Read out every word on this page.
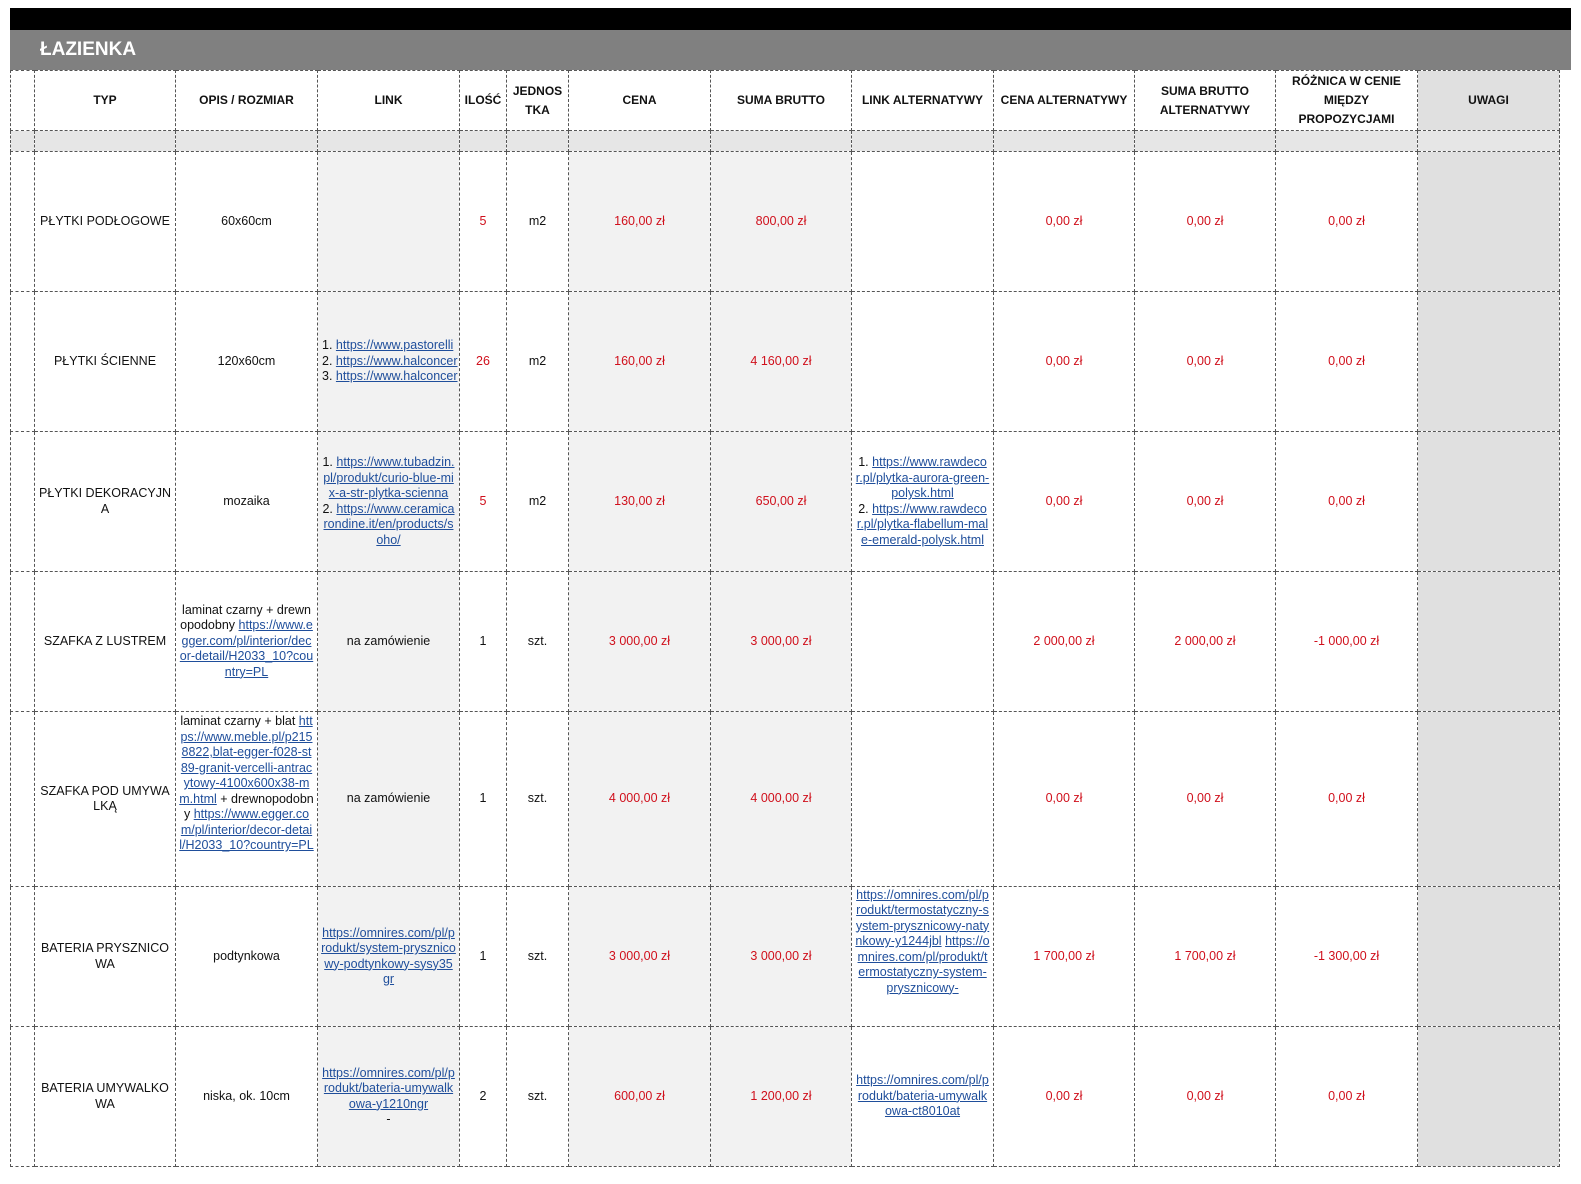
ŁAZIENKA
	TYP	OPIS / ROZMIAR	LINK	ILOŚĆ	JEDNOSTKA	CENA	SUMA BRUTTO	LINK ALTERNATYWY	CENA ALTERNATYWY	SUMA BRUTTO ALTERNATYWY	RÓŻNICA W CENIE MIĘDZY PROPOZYCJAMI	UWAGI

	PŁYTKI PODŁOGOWE	60x60cm		5	m2	160,00 zł	800,00 zł		0,00 zł	0,00 zł	0,00 zł	
	PŁYTKI ŚCIENNE	120x60cm	1. https://www.pastorelli
2. https://www.halconcer
3. https://www.halconcer	26	m2	160,00 zł	4 160,00 zł		0,00 zł	0,00 zł	0,00 zł	
	PŁYTKI DEKORACYJNA	mozaika	1. https://www.tubadzin.pl/produkt/curio-blue-mix-a-str-plytka-scienna
2. https://www.ceramicarondine.it/en/products/soho/	5	m2	130,00 zł	650,00 zł	1. https://www.rawdecor.pl/plytka-aurora-green-polysk.html
2. https://www.rawdecor.pl/plytka-flabellum-male-emerald-polysk.html	0,00 zł	0,00 zł	0,00 zł	
	SZAFKA Z LUSTREM	laminat czarny + drewnopodobny https://www.egger.com/pl/interior/decor-detail/H2033_10?country=PL	na zamówienie	1	szt.	3 000,00 zł	3 000,00 zł		2 000,00 zł	2 000,00 zł	-1 000,00 zł	
	SZAFKA POD UMYWALKĄ	laminat czarny + blat https://www.meble.pl/p2158822,blat-egger-f028-st89-granit-vercelli-antracytowy-4100x600x38-mm.html + drewnopodobny https://www.egger.com/pl/interior/decor-detail/H2033_10?country=PL	na zamówienie	1	szt.	4 000,00 zł	4 000,00 zł		0,00 zł	0,00 zł	0,00 zł	
	BATERIA PRYSZNICOWA	podtynkowa	https://omnires.com/pl/produkt/system-prysznicowy-podtynkowy-sysy35gr	1	szt.	3 000,00 zł	3 000,00 zł	https://omnires.com/pl/produkt/termostatyczny-system-prysznicowy-natynkowy-y1244jbl https://omnires.com/pl/produkt/termostatyczny-system-prysznicowy-	1 700,00 zł	1 700,00 zł	-1 300,00 zł	
	BATERIA UMYWALKOWA	niska, ok. 10cm	https://omnires.com/pl/produkt/bateria-umywalkowa-y1210ngr
-	2	szt.	600,00 zł	1 200,00 zł	https://omnires.com/pl/produkt/bateria-umywalkowa-ct8010at	0,00 zł	0,00 zł	0,00 zł	
